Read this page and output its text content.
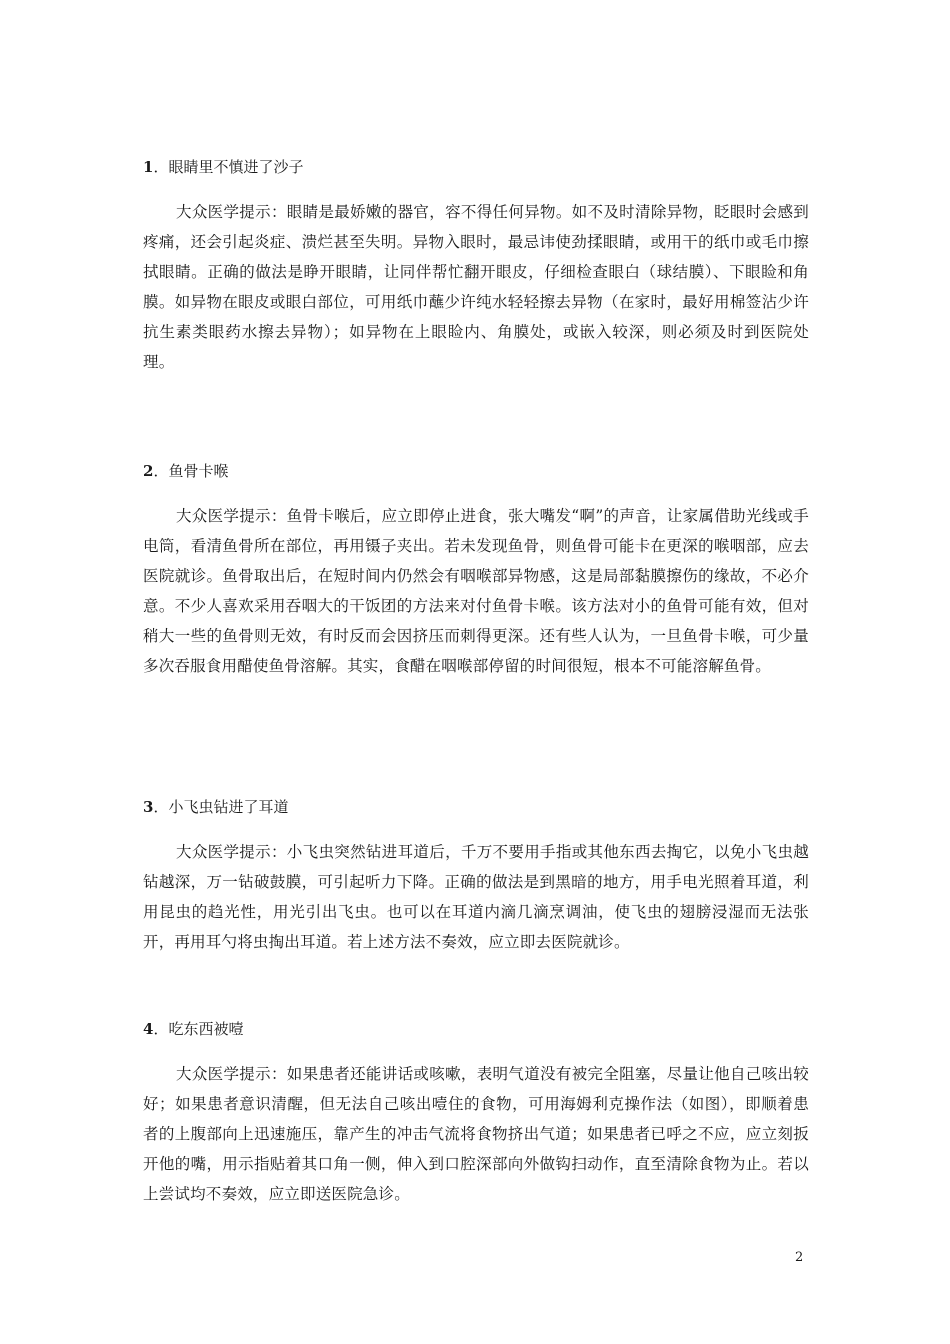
1．眼睛里不慎进了沙子
大众医学提示：眼睛是最娇嫩的器官，容不得任何异物。如不及时清除异物，眨眼时会感到疼痛，还会引起炎症、溃烂甚至失明。异物入眼时，最忌讳使劲揉眼睛，或用干的纸巾或毛巾擦拭眼睛。正确的做法是睁开眼睛，让同伴帮忙翻开眼皮，仔细检查眼白（球结膜）、下眼睑和角膜。如异物在眼皮或眼白部位，可用纸巾蘸少许纯水轻轻擦去异物（在家时，最好用棉签沾少许抗生素类眼药水擦去异物）；如异物在上眼睑内、角膜处，或嵌入较深，则必须及时到医院处理。
2．鱼骨卡喉
大众医学提示：鱼骨卡喉后，应立即停止进食，张大嘴发“啊”的声音，让家属借助光线或手电筒，看清鱼骨所在部位，再用镊子夹出。若未发现鱼骨，则鱼骨可能卡在更深的喉咽部，应去医院就诊。鱼骨取出后，在短时间内仍然会有咽喉部异物感，这是局部黏膜擦伤的缘故，不必介意。不少人喜欢采用吞咽大的干饭团的方法来对付鱼骨卡喉。该方法对小的鱼骨可能有效，但对稍大一些的鱼骨则无效，有时反而会因挤压而刺得更深。还有些人认为，一旦鱼骨卡喉，可少量多次吞服食用醋使鱼骨溶解。其实，食醋在咽喉部停留的时间很短，根本不可能溶解鱼骨。
3．小飞虫钻进了耳道
大众医学提示：小飞虫突然钻进耳道后，千万不要用手指或其他东西去掏它，以免小飞虫越钻越深，万一钻破鼓膜，可引起听力下降。正确的做法是到黑暗的地方，用手电光照着耳道，利用昆虫的趋光性，用光引出飞虫。也可以在耳道内滴几滴烹调油，使飞虫的翅膀浸湿而无法张开，再用耳勺将虫掏出耳道。若上述方法不奏效，应立即去医院就诊。
4．吃东西被噎
大众医学提示：如果患者还能讲话或咳嗽，表明气道没有被完全阻塞，尽量让他自己咳出较好；如果患者意识清醒，但无法自己咳出噎住的食物，可用海姆利克操作法（如图），即顺着患者的上腹部向上迅速施压，靠产生的冲击气流将食物挤出气道；如果患者已呼之不应，应立刻扳开他的嘴，用示指贴着其口角一侧，伸入到口腔深部向外做钩扫动作，直至清除食物为止。若以上尝试均不奏效，应立即送医院急诊。
2
